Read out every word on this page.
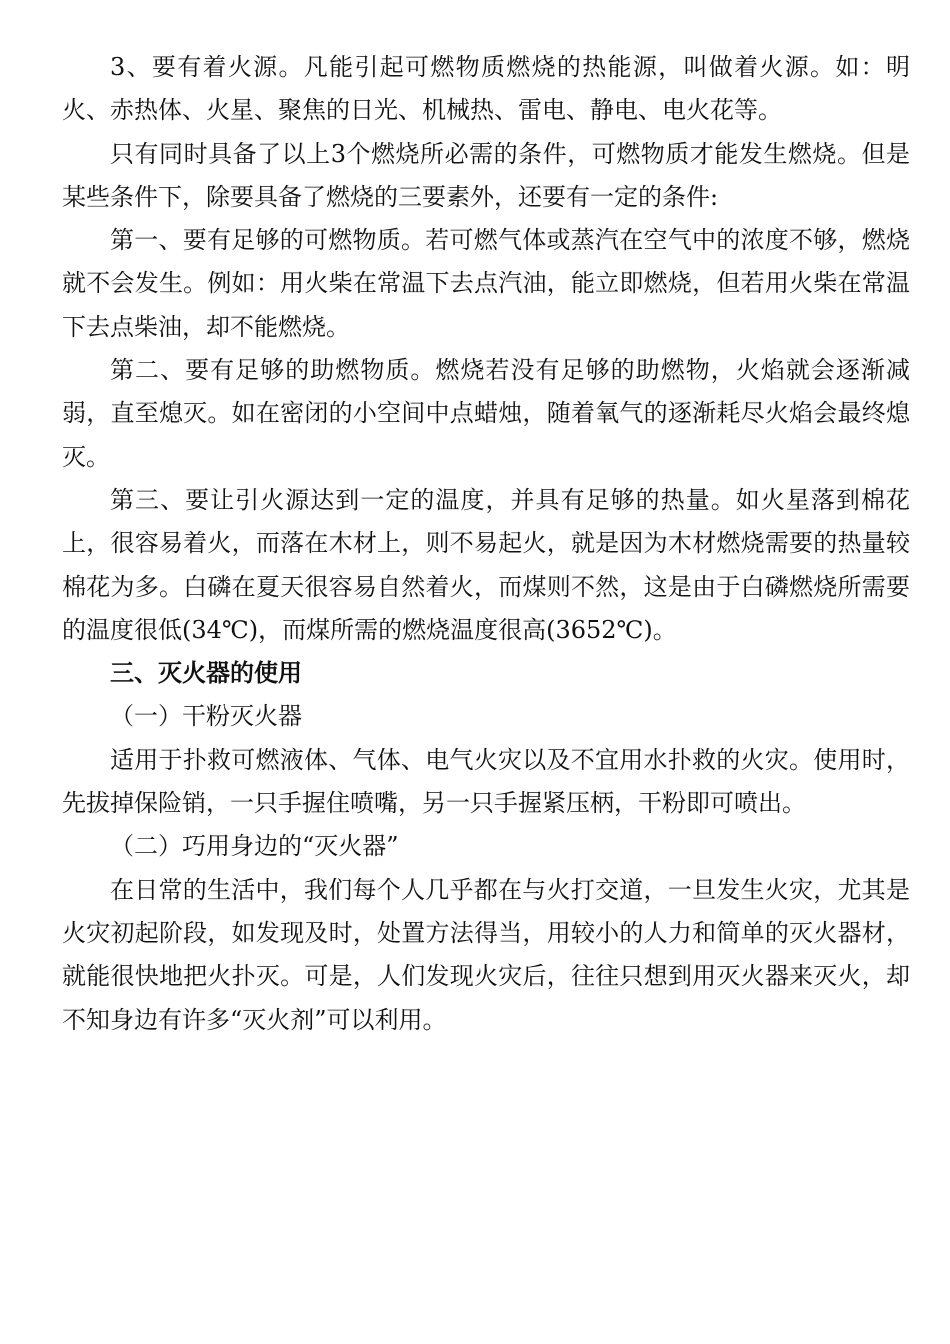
3、要有着火源。凡能引起可燃物质燃烧的热能源，叫做着火源。如：明火、赤热体、火星、聚焦的日光、机械热、雷电、静电、电火花等。

只有同时具备了以上3个燃烧所必需的条件，可燃物质才能发生燃烧。但是某些条件下，除要具备了燃烧的三要素外，还要有一定的条件:

第一、要有足够的可燃物质。若可燃气体或蒸汽在空气中的浓度不够，燃烧就不会发生。例如：用火柴在常温下去点汽油，能立即燃烧，但若用火柴在常温下去点柴油，却不能燃烧。

第二、要有足够的助燃物质。燃烧若没有足够的助燃物，火焰就会逐渐减弱，直至熄灭。如在密闭的小空间中点蜡烛，随着氧气的逐渐耗尽火焰会最终熄灭。

第三、要让引火源达到一定的温度，并具有足够的热量。如火星落到棉花上，很容易着火，而落在木材上，则不易起火，就是因为木材燃烧需要的热量较棉花为多。白磷在夏天很容易自然着火，而煤则不然，这是由于白磷燃烧所需要的温度很低(34℃)，而煤所需的燃烧温度很高(3652℃)。

三、灭火器的使用

（一）干粉灭火器

适用于扑救可燃液体、气体、电气火灾以及不宜用水扑救的火灾。使用时，先拔掉保险销，一只手握住喷嘴，另一只手握紧压柄，干粉即可喷出。

（二）巧用身边的“灭火器”

在日常的生活中，我们每个人几乎都在与火打交道，一旦发生火灾，尤其是火灾初起阶段，如发现及时，处置方法得当，用较小的人力和简单的灭火器材，就能很快地把火扑灭。可是，人们发现火灾后，往往只想到用灭火器来灭火，却不知身边有许多“灭火剂”可以利用。
